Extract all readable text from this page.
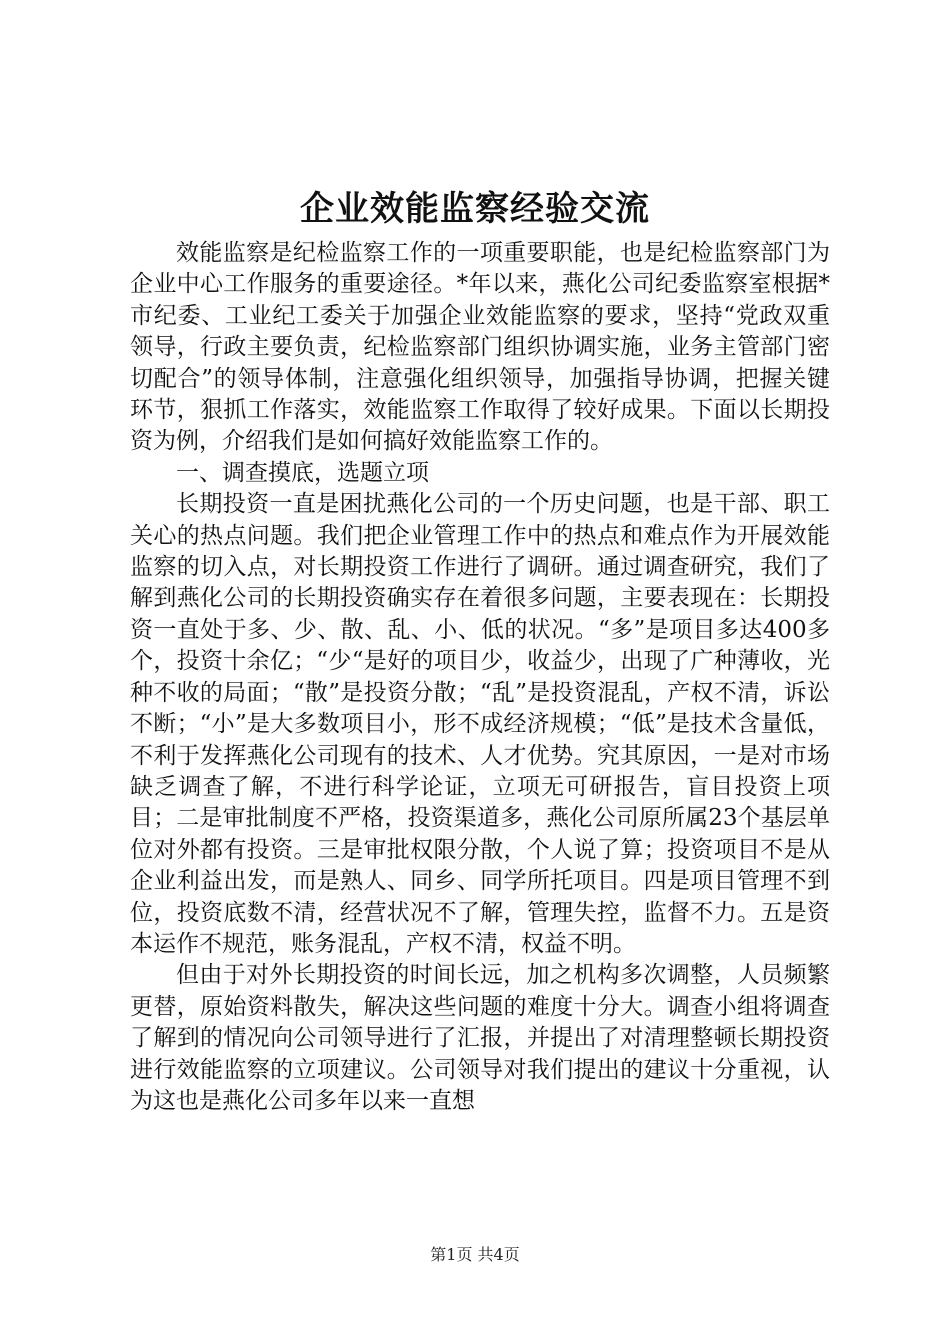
企业效能监察经验交流

效能监察是纪检监察工作的一项重要职能，也是纪检监察部门为企业中心工作服务的重要途径。*年以来，燕化公司纪委监察室根据*市纪委、工业纪工委关于加强企业效能监察的要求，坚持“党政双重领导，行政主要负责，纪检监察部门组织协调实施，业务主管部门密切配合”的领导体制，注意强化组织领导，加强指导协调，把握关键环节，狠抓工作落实，效能监察工作取得了较好成果。下面以长期投资为例，介绍我们是如何搞好效能监察工作的。

一、调查摸底，选题立项

长期投资一直是困扰燕化公司的一个历史问题，也是干部、职工关心的热点问题。我们把企业管理工作中的热点和难点作为开展效能监察的切入点，对长期投资工作进行了调研。通过调查研究，我们了解到燕化公司的长期投资确实存在着很多问题，主要表现在：长期投资一直处于多、少、散、乱、小、低的状况。“多”是项目多达400多个，投资十余亿；“少“是好的项目少，收益少，出现了广种薄收，光种不收的局面；“散”是投资分散；“乱”是投资混乱，产权不清，诉讼不断；“小”是大多数项目小，形不成经济规模；“低”是技术含量低，不利于发挥燕化公司现有的技术、人才优势。究其原因，一是对市场缺乏调查了解，不进行科学论证，立项无可研报告，盲目投资上项目；二是审批制度不严格，投资渠道多，燕化公司原所属23个基层单位对外都有投资。三是审批权限分散，个人说了算；投资项目不是从企业利益出发，而是熟人、同乡、同学所托项目。四是项目管理不到位，投资底数不清，经营状况不了解，管理失控，监督不力。五是资本运作不规范，账务混乱，产权不清，权益不明。

但由于对外长期投资的时间长远，加之机构多次调整，人员频繁更替，原始资料散失，解决这些问题的难度十分大。调查小组将调查了解到的情况向公司领导进行了汇报，并提出了对清理整顿长期投资进行效能监察的立项建议。公司领导对我们提出的建议十分重视，认为这也是燕化公司多年以来一直想

第1页 共4页
